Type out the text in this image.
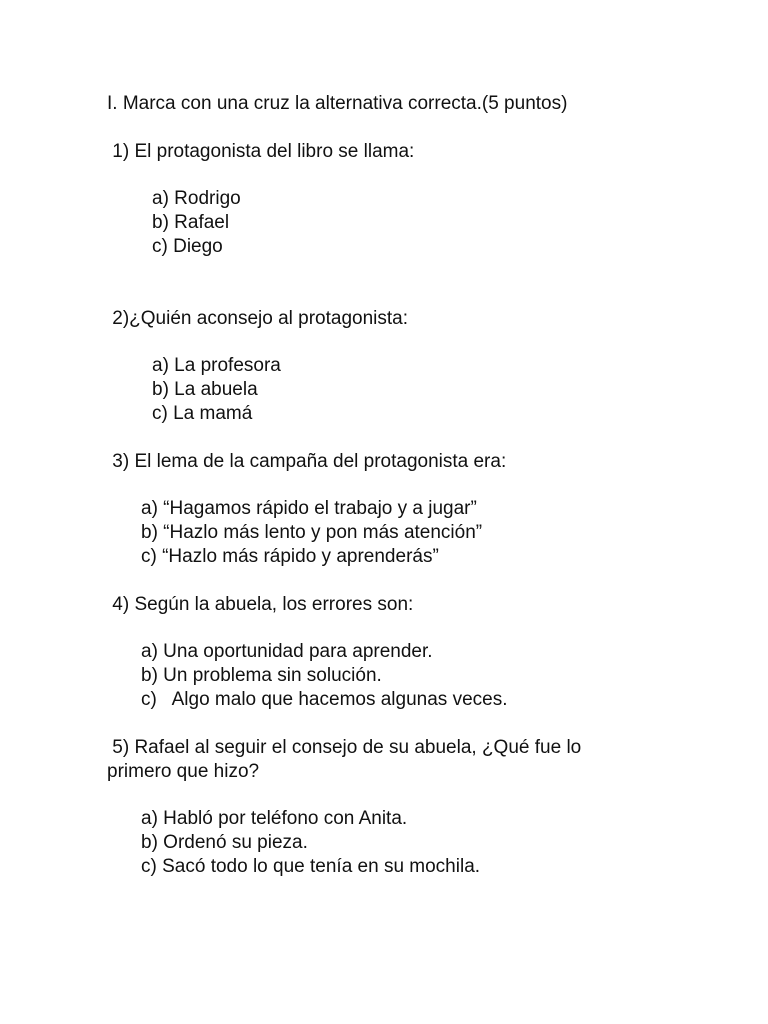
I. Marca con una cruz la alternativa correcta.(5 puntos)
1) El protagonista del libro se llama:
a) Rodrigo
b) Rafael
c) Diego
2)¿Quién aconsejo al protagonista:
a) La profesora
b) La abuela
c) La mamá
3) El lema de la campaña del protagonista era:
a) “Hagamos rápido el trabajo y a jugar”
b) “Hazlo más lento y pon más atención”
c) “Hazlo más rápido y aprenderás”
4) Según la abuela, los errores son:
a) Una oportunidad para aprender.
b) Un problema sin solución.
c)   Algo malo que hacemos algunas veces.
5) Rafael al seguir el consejo de su abuela, ¿Qué fue lo
primero que hizo?
a) Habló por teléfono con Anita.
b) Ordenó su pieza.
c) Sacó todo lo que tenía en su mochila.
